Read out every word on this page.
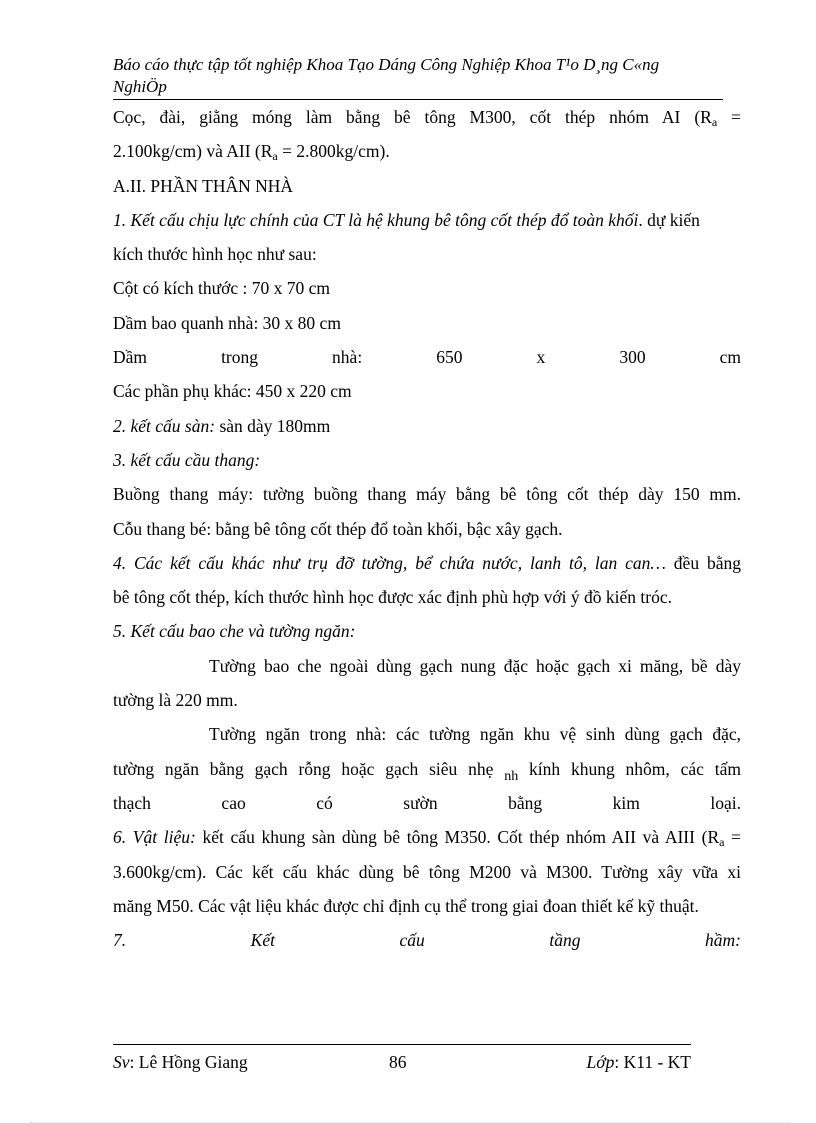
Báo cáo thực tập tốt nghiệp Khoa Tạo Dáng Công Nghiệp Khoa T¹o D¸ng C«ng
NghiÖp
Cọc, đài, giằng móng làm bằng bê tông M300, cốt thép nhóm AI ($R_a$ =
2.100kg/cm) và AII $(R_a = 2.800kg/cm)$.
A.II. PHẦN THÂN NHÀ
1. Kết cấu chịu lực chính của CT là hệ khung bê tông cốt thép đổ toàn khối. dự kiến
kích thước hình học như sau:
Cột có kích thước : 70 x 70 cm
Dầm bao quanh nhà: 30 x 80 cm
Dầm trong nhà: 650 x 300 cm
Các phần phụ khác: 450 x 220 cm
2. kết cấu sàn: sàn dày 180mm
3. kết cấu cầu thang:
Buồng thang máy: tường buồng thang máy bằng bê tông cốt thép dày 150 mm.
Cỗu thang bé: bằng bê tông cốt thép đổ toàn khối, bậc xây gạch.
4. Các kết cấu khác như trụ đỡ tường, bể chứa nước, lanh tô, lan can… đều bằng
bê tông cốt thép, kích thước hình học được xác định phù hợp với ý đồ kiến tróc.
5. Kết cấu bao che và tường ngăn:
Tường bao che ngoài dùng gạch nung đặc hoặc gạch xi măng, bề dày
tường là 220 mm.
Tường ngăn trong nhà: các tường ngăn khu vệ sinh dùng gạch đặc,
tường ngăn bằng gạch rỗng hoặc gạch siêu nhẹ $_{nh}$ kính khung nhôm, các tấm
thạch cao có sườn bằng kim loại.
6. Vật liệu: kết cấu khung sàn dùng bê tông M350. Cốt thép nhóm AII và AIII ($R_a$ =
3.600kg/cm). Các kết cấu khác dùng bê tông M200 và M300. Tường xây vữa xi
măng M50. Các vật liệu khác được chỉ định cụ thể trong giai đoan thiết kế kỹ thuật.
7. Kết cấu tầng hầm:
Sv: Lê Hồng Giang	86	Lớp: K11 - KT
